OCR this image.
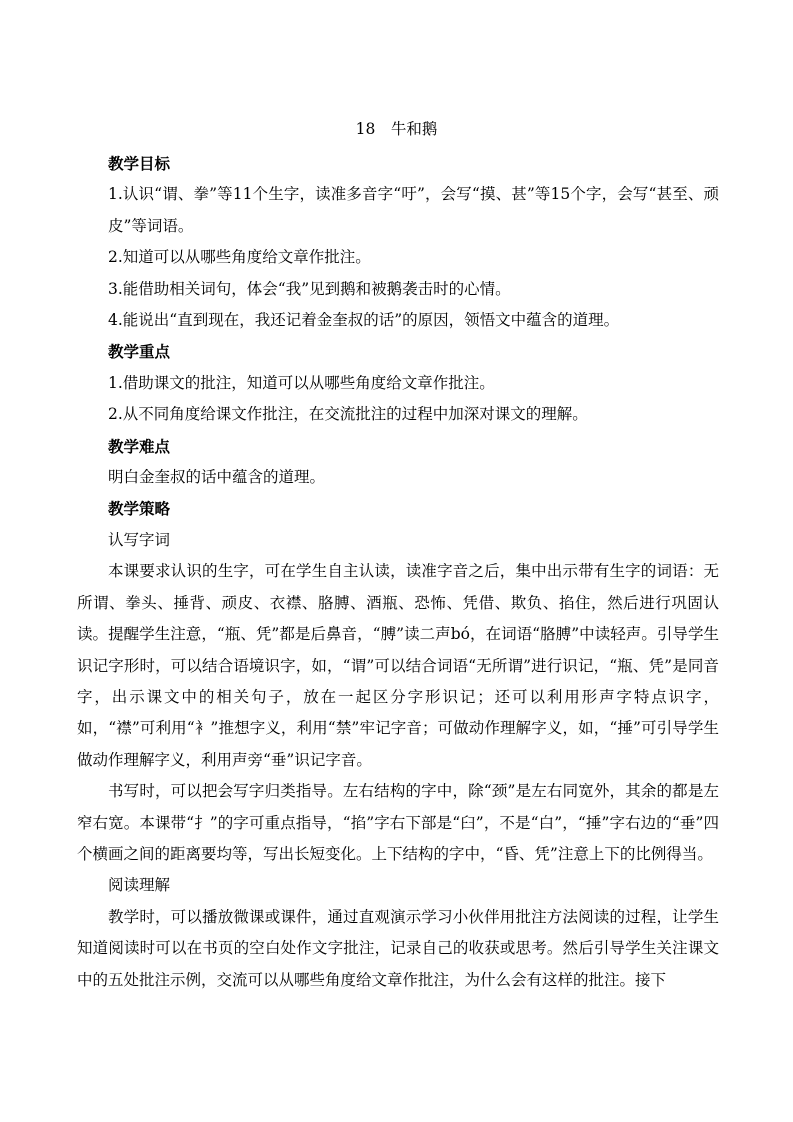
18　牛和鹅

教学目标

1.认识“谓、拳”等11个生字，读准多音字“吁”，会写“摸、甚”等15个字，会写“甚至、顽皮”等词语。

2.知道可以从哪些角度给文章作批注。

3.能借助相关词句，体会“我”见到鹅和被鹅袭击时的心情。

4.能说出“直到现在，我还记着金奎叔的话”的原因，领悟文中蕴含的道理。

教学重点

1.借助课文的批注，知道可以从哪些角度给文章作批注。

2.从不同角度给课文作批注，在交流批注的过程中加深对课文的理解。

教学难点

明白金奎叔的话中蕴含的道理。

教学策略

认写字词

本课要求认识的生字，可在学生自主认读，读准字音之后，集中出示带有生字的词语：无所谓、拳头、捶背、顽皮、衣襟、胳膊、酒瓶、恐怖、凭借、欺负、掐住，然后进行巩固认读。提醒学生注意，“瓶、凭”都是后鼻音，“膊”读二声bó，在词语“胳膊”中读轻声。引导学生识记字形时，可以结合语境识字，如，“谓”可以结合词语“无所谓”进行识记，“瓶、凭”是同音字，出示课文中的相关句子，放在一起区分字形识记；还可以利用形声字特点识字，如，“襟”可利用“衤”推想字义，利用“禁”牢记字音；可做动作理解字义，如，“捶”可引导学生做动作理解字义，利用声旁“垂”识记字音。

书写时，可以把会写字归类指导。左右结构的字中，除“颈”是左右同宽外，其余的都是左窄右宽。本课带“扌”的字可重点指导，“掐”字右下部是“臼”，不是“白”，“捶”字右边的“垂”四个横画之间的距离要均等，写出长短变化。上下结构的字中，“昏、凭”注意上下的比例得当。

阅读理解

教学时，可以播放微课或课件，通过直观演示学习小伙伴用批注方法阅读的过程，让学生知道阅读时可以在书页的空白处作文字批注，记录自己的收获或思考。然后引导学生关注课文中的五处批注示例，交流可以从哪些角度给文章作批注，为什么会有这样的批注。接下
